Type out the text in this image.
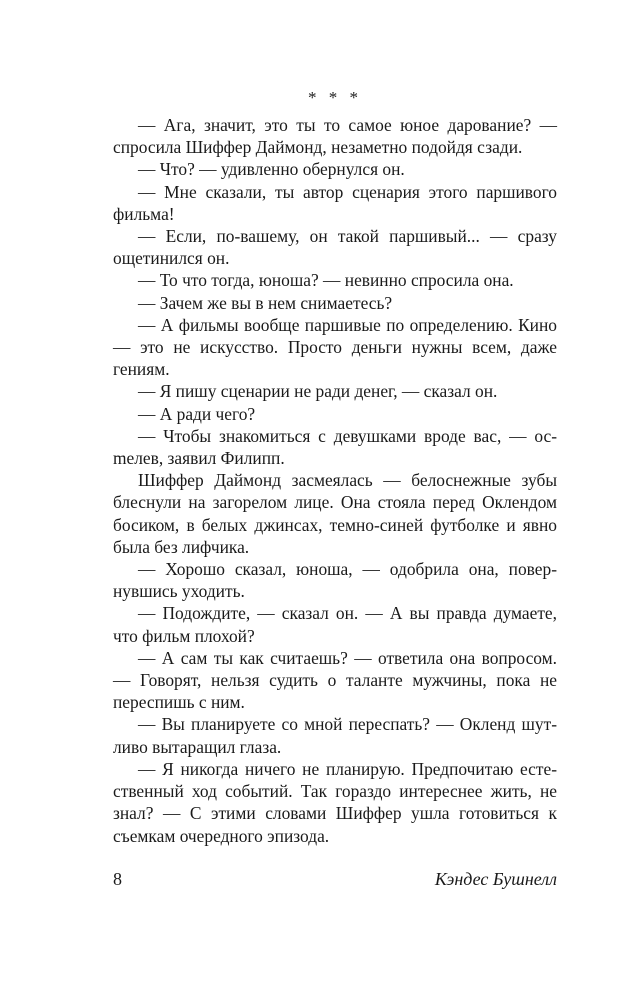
* * *

— Ага, значит, это ты то самое юное дарование? — спросила Шиффер Даймонд, незаметно подойдя сзади.

— Что? — удивленно обернулся он.

— Мне сказали, ты автор сценария этого паршивого фильма!

— Если, по-вашему, он такой паршивый... — сразу ощетинился он.

— То что тогда, юноша? — невинно спросила она.

— Зачем же вы в нем снимаетесь?

— А фильмы вообще паршивые по определению. Кино — это не искусство. Просто деньги нужны всем, даже гениям.

— Я пишу сценарии не ради денег, — сказал он.

— А ради чего?

— Чтобы знакомиться с девушками вроде вас, — осmелев, заявил Филипп.

Шиффер Даймонд засмеялась — белоснежные зубы блеснули на загорелом лице. Она стояла перед Оклендом босиком, в белых джинсах, темно-синей футболке и явно была без лифчика.

— Хорошо сказал, юноша, — одобрила она, повернувшись уходить.

— Подождите, — сказал он. — А вы правда думаете, что фильм плохой?

— А сам ты как считаешь? — ответила она вопросом. — Говорят, нельзя судить о таланте мужчины, пока не переспишь с ним.

— Вы планируете со мной переспать? — Окленд шутливо вытаращил глаза.

— Я никогда ничего не планирую. Предпочитаю естественный ход событий. Так гораздо интереснее жить, не знал? — С этими словами Шиффер ушла готовиться к съемкам очередного эпизода.

8	Кэндес Бушнелл
